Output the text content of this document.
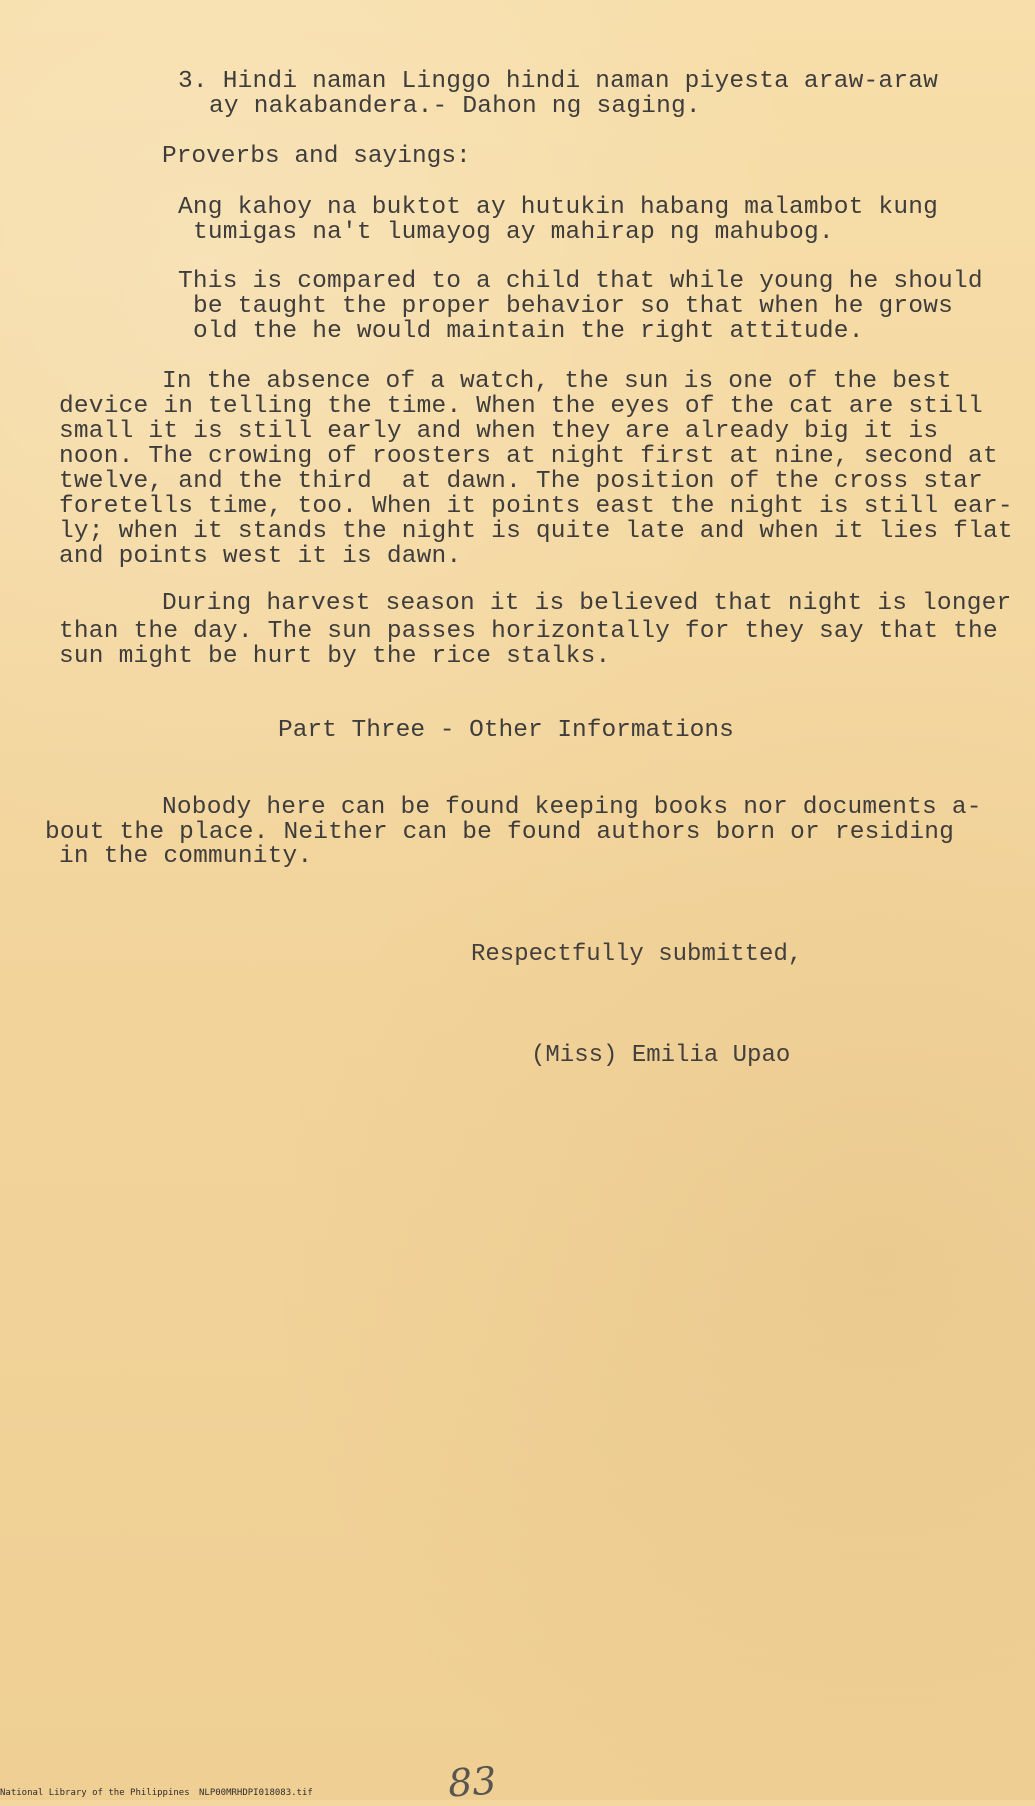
3. Hindi naman Linggo hindi naman piyesta araw-araw
ay nakabandera.- Dahon ng saging.
Proverbs and sayings:
Ang kahoy na buktot ay hutukin habang malambot kung
tumigas na't lumayog ay mahirap ng mahubog.
This is compared to a child that while young he should
be taught the proper behavior so that when he grows
old the he would maintain the right attitude.
In the absence of a watch, the sun is one of the best
device in telling the time. When the eyes of the cat are still
small it is still early and when they are already big it is
noon. The crowing of roosters at night first at nine, second at
twelve, and the third  at dawn. The position of the cross star
foretells time, too. When it points east the night is still ear-
ly; when it stands the night is quite late and when it lies flat
and points west it is dawn.
During harvest season it is believed that night is longer
than the day. The sun passes horizontally for they say that the
sun might be hurt by the rice stalks.
Part Three - Other Informations
Nobody here can be found keeping books nor documents a-
bout the place. Neither can be found authors born or residing
in the community.
Respectfully submitted,
(Miss) Emilia Upao
83
National Library of the Philippines NLP00MRHDPI018083.tif
